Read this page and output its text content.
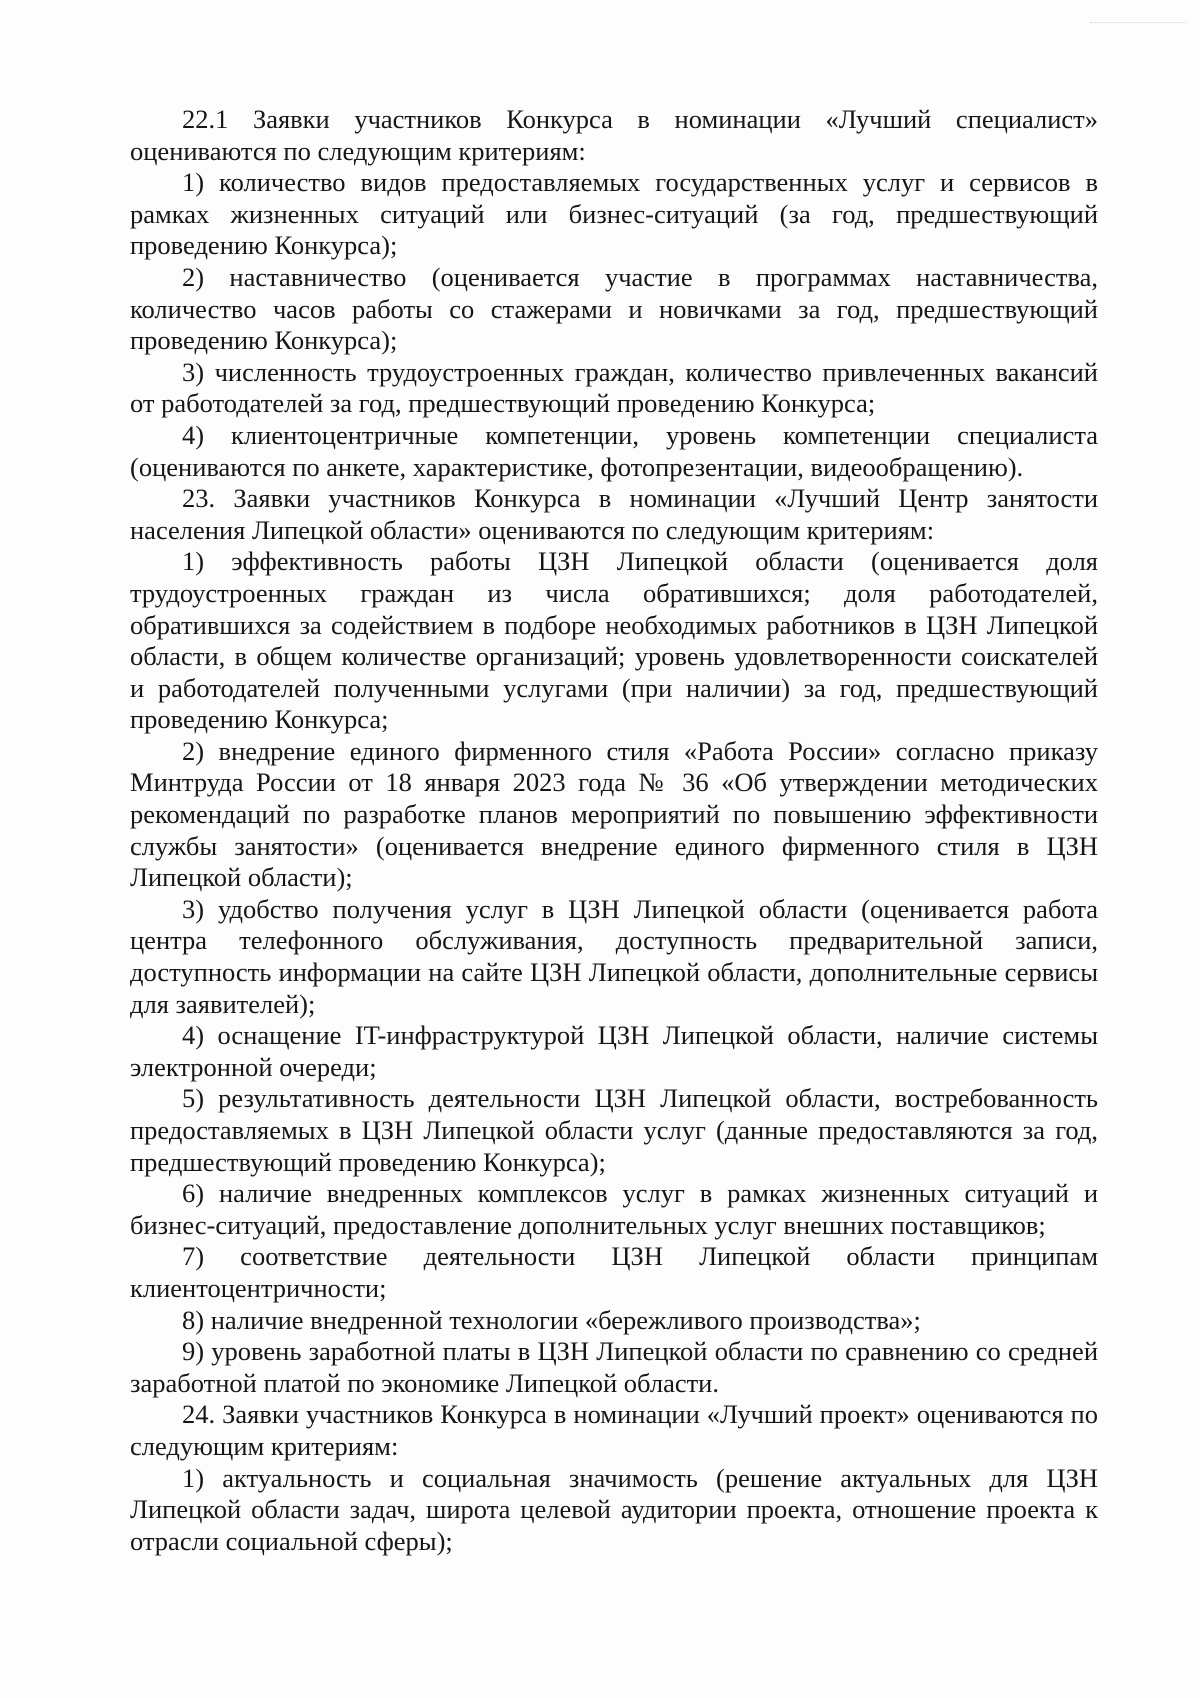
22.1 Заявки участников Конкурса в номинации «Лучший специалист» оцениваются по следующим критериям:

1) количество видов предоставляемых государственных услуг и сервисов в рамках жизненных ситуаций или бизнес-ситуаций (за год, предшествующий проведению Конкурса);

2) наставничество (оценивается участие в программах наставничества, количество часов работы со стажерами и новичками за год, предшествующий проведению Конкурса);

3) численность трудоустроенных граждан, количество привлеченных вакансий от работодателей за год, предшествующий проведению Конкурса;

4) клиентоцентричные компетенции, уровень компетенции специалиста (оцениваются по анкете, характеристике, фотопрезентации, видеообращению).

23. Заявки участников Конкурса в номинации «Лучший Центр занятости населения Липецкой области» оцениваются по следующим критериям:

1) эффективность работы ЦЗН Липецкой области (оценивается доля трудоустроенных граждан из числа обратившихся; доля работодателей, обратившихся за содействием в подборе необходимых работников в ЦЗН Липецкой области, в общем количестве организаций; уровень удовлетворенности соискателей и работодателей полученными услугами (при наличии) за год, предшествующий проведению Конкурса;

2) внедрение единого фирменного стиля «Работа России» согласно приказу Минтруда России от 18 января 2023 года № 36 «Об утверждении методических рекомендаций по разработке планов мероприятий по повышению эффективности службы занятости» (оценивается внедрение единого фирменного стиля в ЦЗН Липецкой области);

3) удобство получения услуг в ЦЗН Липецкой области (оценивается работа центра телефонного обслуживания, доступность предварительной записи, доступность информации на сайте ЦЗН Липецкой области, дополнительные сервисы для заявителей);

4) оснащение IT-инфраструктурой ЦЗН Липецкой области, наличие системы электронной очереди;

5) результативность деятельности ЦЗН Липецкой области, востребованность предоставляемых в ЦЗН Липецкой области услуг (данные предоставляются за год, предшествующий проведению Конкурса);

6) наличие внедренных комплексов услуг в рамках жизненных ситуаций и бизнес-ситуаций, предоставление дополнительных услуг внешних поставщиков;

7) соответствие деятельности ЦЗН Липецкой области принципам клиентоцентричности;

8) наличие внедренной технологии «бережливого производства»;

9) уровень заработной платы в ЦЗН Липецкой области по сравнению со средней заработной платой по экономике Липецкой области.

24. Заявки участников Конкурса в номинации «Лучший проект» оцениваются по следующим критериям:

1) актуальность и социальная значимость (решение актуальных для ЦЗН Липецкой области задач, широта целевой аудитории проекта, отношение проекта к отрасли социальной сферы);
